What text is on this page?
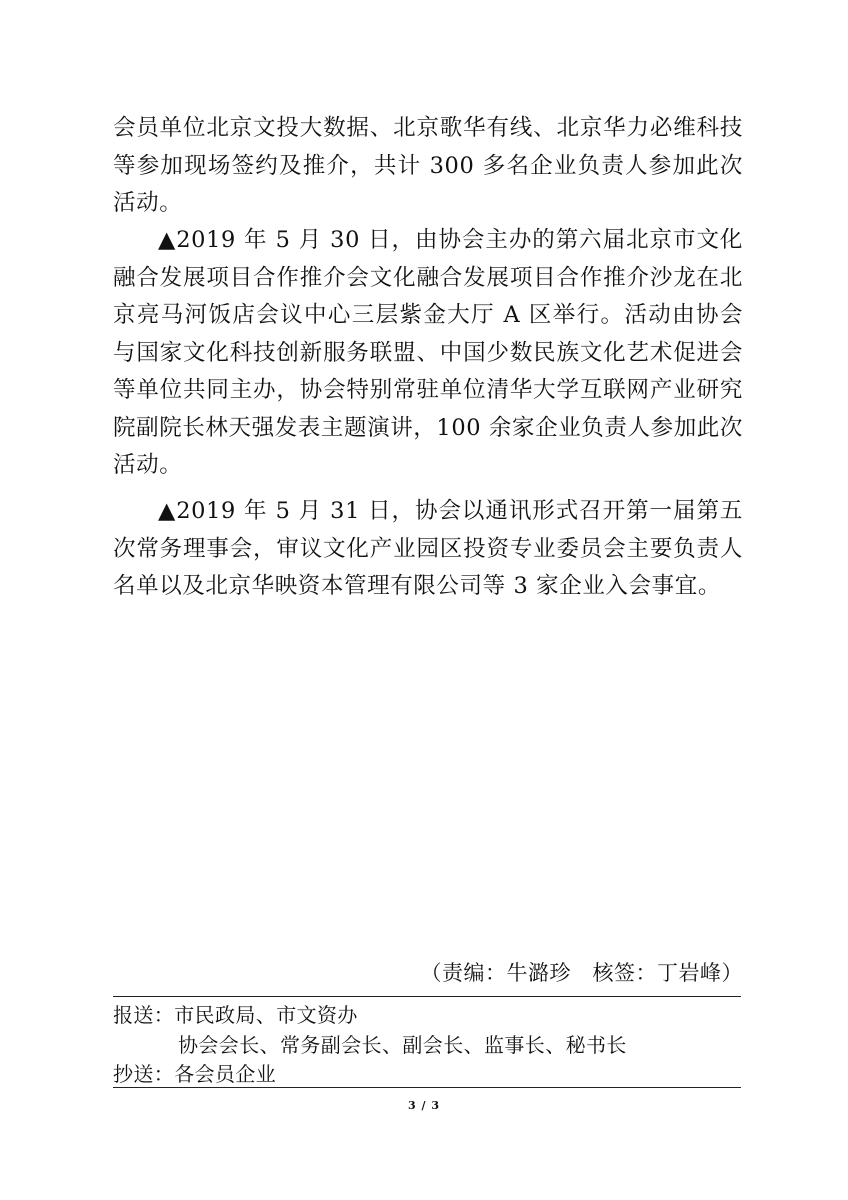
会员单位北京文投大数据、北京歌华有线、北京华力必维科技等参加现场签约及推介，共计 300 多名企业负责人参加此次活动。

▲2019 年 5 月 30 日，由协会主办的第六届北京市文化融合发展项目合作推介会文化融合发展项目合作推介沙龙在北京亮马河饭店会议中心三层紫金大厅 A 区举行。活动由协会与国家文化科技创新服务联盟、中国少数民族文化艺术促进会等单位共同主办，协会特别常驻单位清华大学互联网产业研究院副院长林天强发表主题演讲，100 余家企业负责人参加此次活动。

▲2019 年 5 月 31 日，协会以通讯形式召开第一届第五次常务理事会，审议文化产业园区投资专业委员会主要负责人名单以及北京华映资本管理有限公司等 3 家企业入会事宜。

（责编：牛潞珍　核签：丁岩峰）
报送：市民政局、市文资办
协会会长、常务副会长、副会长、监事长、秘书长
抄送：各会员企业
3 / 3
